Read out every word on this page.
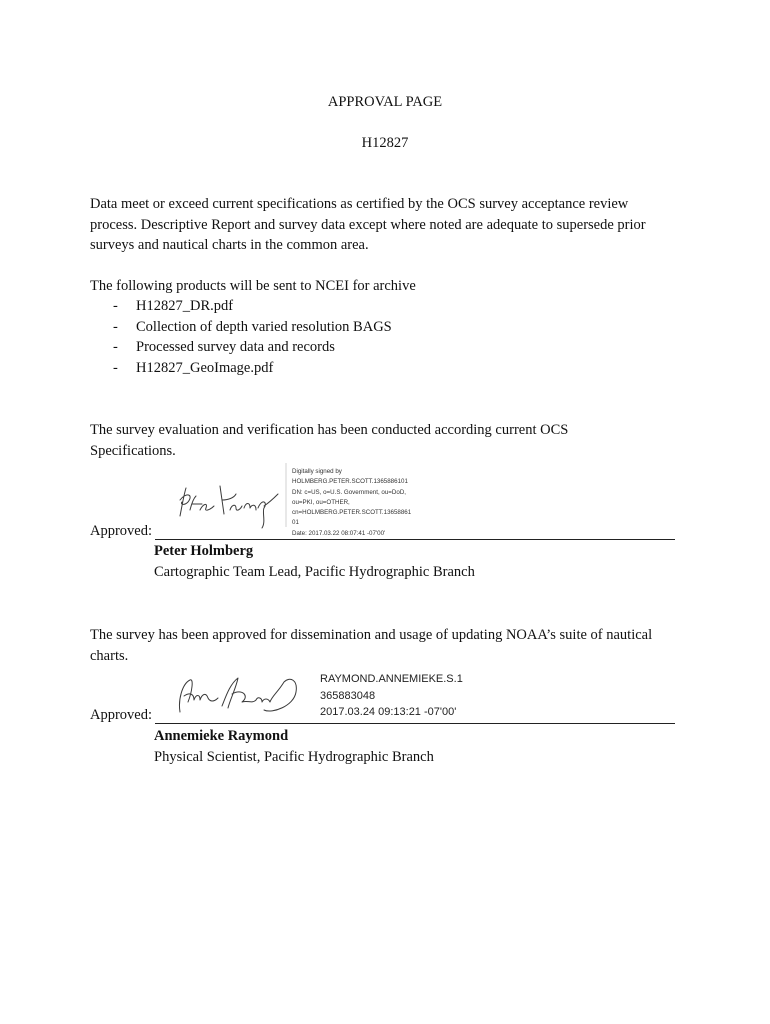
APPROVAL PAGE
H12827
Data meet or exceed current specifications as certified by the OCS survey acceptance review
process. Descriptive Report and survey data except where noted are adequate to supersede prior
surveys and nautical charts in the common area.
The following products will be sent to NCEI for archive
- H12827_DR.pdf
- Collection of depth varied resolution BAGS
- Processed survey data and records
- H12827_GeoImage.pdf
The survey evaluation and verification has been conducted according current OCS
Specifications.
Digitally signed by
HOLMBERG.PETER.SCOTT.1365886101
DN: c=US, o=U.S. Government, ou=DoD,
ou=PKI, ou=OTHER,
cn=HOLMBERG.PETER.SCOTT.13658861
01
Date: 2017.03.22 08:07:41 -07'00'
Approved:
Peter Holmberg
Cartographic Team Lead, Pacific Hydrographic Branch
The survey has been approved for dissemination and usage of updating NOAA’s suite of nautical
charts.
RAYMOND.ANNEMIEKE.S.1
365883048
2017.03.24 09:13:21 -07'00'
Approved:
Annemieke Raymond
Physical Scientist, Pacific Hydrographic Branch
